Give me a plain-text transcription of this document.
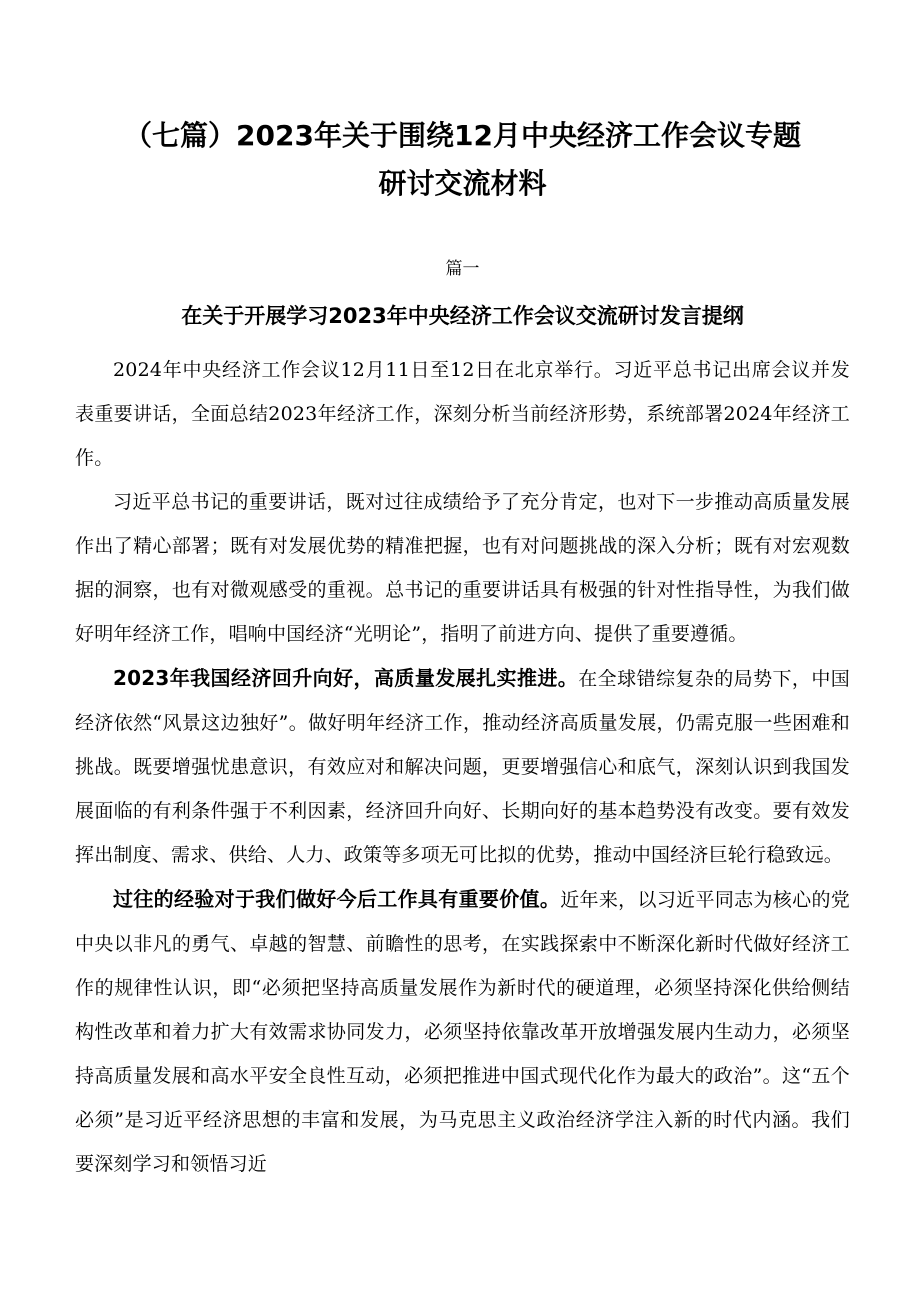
（七篇）2023年关于围绕12月中央经济工作会议专题
研讨交流材料
篇一
在关于开展学习2023年中央经济工作会议交流研讨发言提纲

2024年中央经济工作会议12月11日至12日在北京举行。习近平总书记出席会议并发表重要讲话，全面总结2023年经济工作，深刻分析当前经济形势，系统部署2024年经济工作。

习近平总书记的重要讲话，既对过往成绩给予了充分肯定，也对下一步推动高质量发展作出了精心部署；既有对发展优势的精准把握，也有对问题挑战的深入分析；既有对宏观数据的洞察，也有对微观感受的重视。总书记的重要讲话具有极强的针对性指导性，为我们做好明年经济工作，唱响中国经济“光明论”，指明了前进方向、提供了重要遵循。

2023年我国经济回升向好，高质量发展扎实推进。在全球错综复杂的局势下，中国经济依然“风景这边独好”。做好明年经济工作，推动经济高质量发展，仍需克服一些困难和挑战。既要增强忧患意识，有效应对和解决问题，更要增强信心和底气，深刻认识到我国发展面临的有利条件强于不利因素，经济回升向好、长期向好的基本趋势没有改变。要有效发挥出制度、需求、供给、人力、政策等多项无可比拟的优势，推动中国经济巨轮行稳致远。

过往的经验对于我们做好今后工作具有重要价值。近年来，以习近平同志为核心的党中央以非凡的勇气、卓越的智慧、前瞻性的思考，在实践探索中不断深化新时代做好经济工作的规律性认识，即“必须把坚持高质量发展作为新时代的硬道理，必须坚持深化供给侧结构性改革和着力扩大有效需求协同发力，必须坚持依靠改革开放增强发展内生动力，必须坚持高质量发展和高水平安全良性互动，必须把推进中国式现代化作为最大的政治”。这“五个必须”是习近平经济思想的丰富和发展，为马克思主义政治经济学注入新的时代内涵。我们要深刻学习和领悟习近
